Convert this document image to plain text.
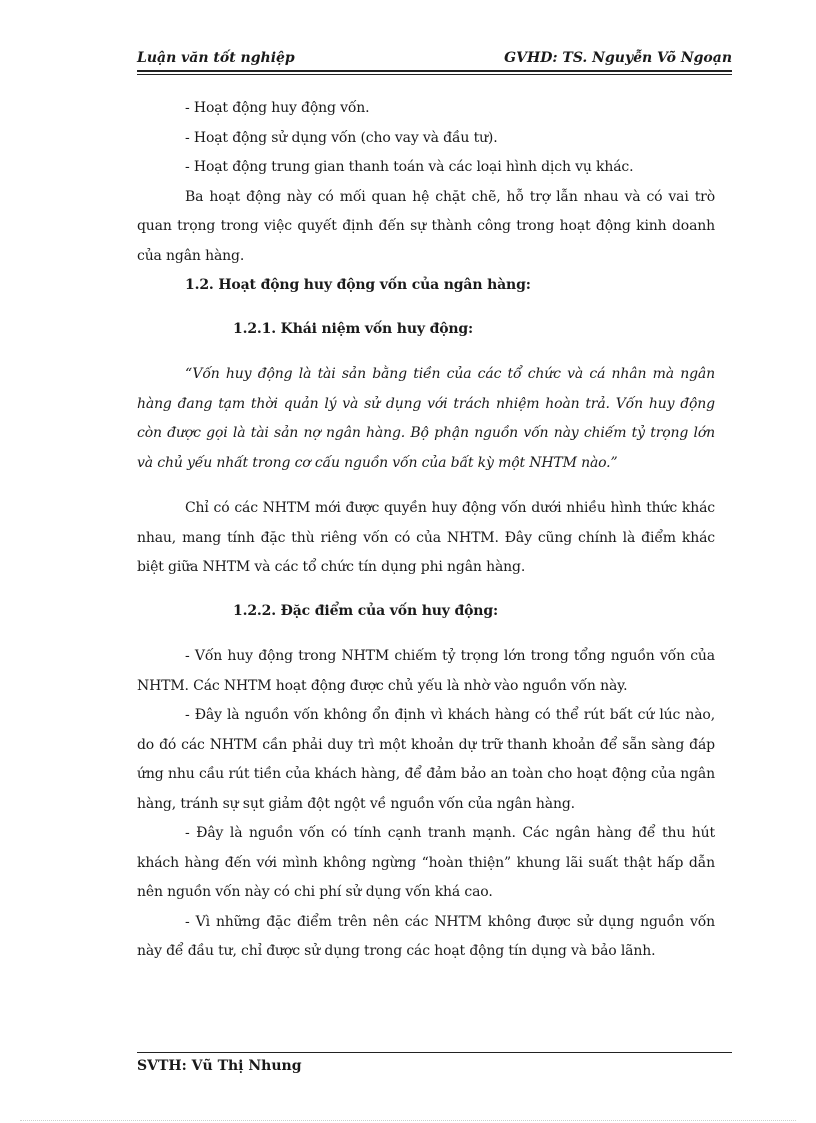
Luận văn tốt nghiệp	GVHD: TS. Nguyễn Võ Ngoạn

- Hoạt động huy động vốn.

- Hoạt động sử dụng vốn (cho vay và đầu tư).

- Hoạt động trung gian thanh toán và các loại hình dịch vụ khác.

Ba hoạt động này có mối quan hệ chặt chẽ, hỗ trợ lẫn nhau và có vai trò quan trọng trong việc quyết định đến sự thành công trong hoạt động kinh doanh của ngân hàng.

1.2. Hoạt động huy động vốn của ngân hàng:

1.2.1. Khái niệm vốn huy động:

“Vốn huy động là tài sản bằng tiền của các tổ chức và cá nhân mà ngân hàng đang tạm thời quản lý và sử dụng với trách nhiệm hoàn trả. Vốn huy động còn được gọi là tài sản nợ ngân hàng. Bộ phận nguồn vốn này chiếm tỷ trọng lớn và chủ yếu nhất trong cơ cấu nguồn vốn của bất kỳ một NHTM nào.”

Chỉ có các NHTM mới được quyền huy động vốn dưới nhiều hình thức khác nhau, mang tính đặc thù riêng vốn có của NHTM. Đây cũng chính là điểm khác biệt giữa NHTM và các tổ chức tín dụng phi ngân hàng.

1.2.2. Đặc điểm của vốn huy động:

- Vốn huy động trong NHTM chiếm tỷ trọng lớn trong tổng nguồn vốn của NHTM. Các NHTM hoạt động được chủ yếu là nhờ vào nguồn vốn này.

- Đây là nguồn vốn không ổn định vì khách hàng có thể rút bất cứ lúc nào, do đó các NHTM cần phải duy trì một khoản dự trữ thanh khoản để sẵn sàng đáp ứng nhu cầu rút tiền của khách hàng, để đảm bảo an toàn cho hoạt động của ngân hàng, tránh sự sụt giảm đột ngột về nguồn vốn của ngân hàng.

- Đây là nguồn vốn có tính cạnh tranh mạnh. Các ngân hàng để thu hút khách hàng đến với mình không ngừng “hoàn thiện” khung lãi suất thật hấp dẫn nên nguồn vốn này có chi phí sử dụng vốn khá cao.

- Vì những đặc điểm trên nên các NHTM không được sử dụng nguồn vốn này để đầu tư, chỉ được sử dụng trong các hoạt động tín dụng và bảo lãnh.

SVTH: Vũ Thị Nhung
